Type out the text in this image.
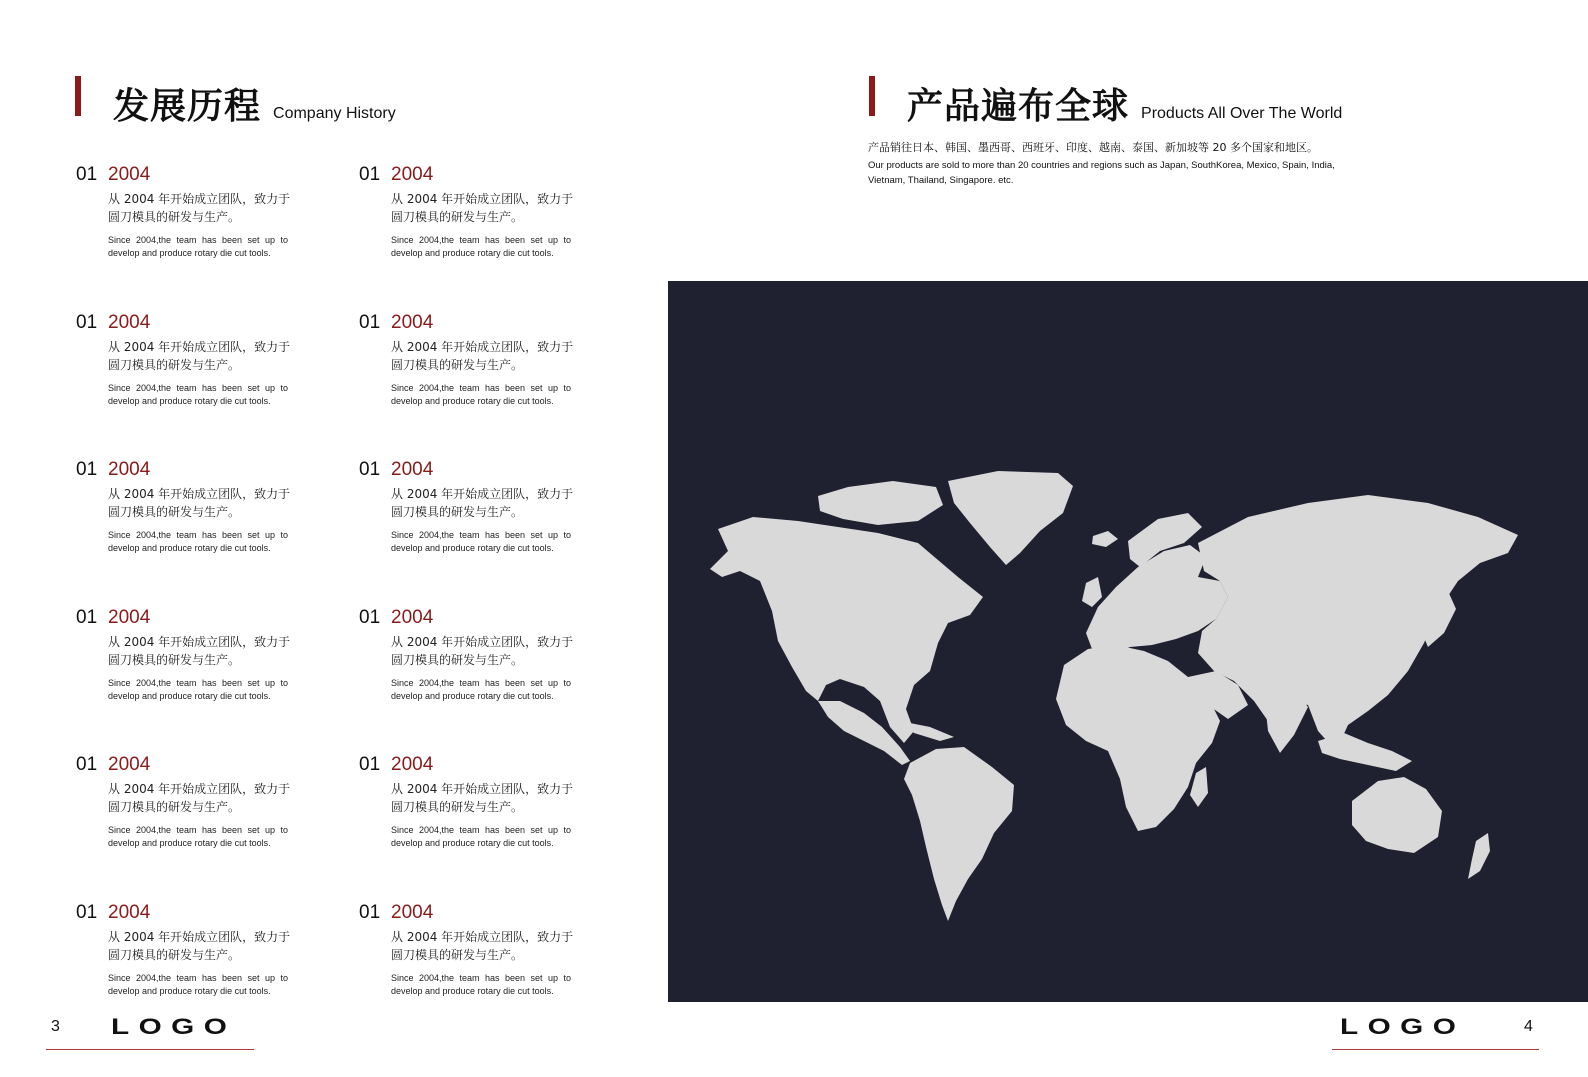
发展历程 Company History
01 2004
从 2004 年开始成立团队，致力于圆刀模具的研发与生产。
Since 2004,the team has been set up to develop and produce rotary die cut tools.
01 2004
从 2004 年开始成立团队，致力于圆刀模具的研发与生产。
Since 2004,the team has been set up to develop and produce rotary die cut tools.
01 2004
从 2004 年开始成立团队，致力于圆刀模具的研发与生产。
Since 2004,the team has been set up to develop and produce rotary die cut tools.
01 2004
从 2004 年开始成立团队，致力于圆刀模具的研发与生产。
Since 2004,the team has been set up to develop and produce rotary die cut tools.
01 2004
从 2004 年开始成立团队，致力于圆刀模具的研发与生产。
Since 2004,the team has been set up to develop and produce rotary die cut tools.
01 2004
从 2004 年开始成立团队，致力于圆刀模具的研发与生产。
Since 2004,the team has been set up to develop and produce rotary die cut tools.
01 2004
从 2004 年开始成立团队，致力于圆刀模具的研发与生产。
Since 2004,the team has been set up to develop and produce rotary die cut tools.
01 2004
从 2004 年开始成立团队，致力于圆刀模具的研发与生产。
Since 2004,the team has been set up to develop and produce rotary die cut tools.
01 2004
从 2004 年开始成立团队，致力于圆刀模具的研发与生产。
Since 2004,the team has been set up to develop and produce rotary die cut tools.
01 2004
从 2004 年开始成立团队，致力于圆刀模具的研发与生产。
Since 2004,the team has been set up to develop and produce rotary die cut tools.
01 2004
从 2004 年开始成立团队，致力于圆刀模具的研发与生产。
Since 2004,the team has been set up to develop and produce rotary die cut tools.
01 2004
从 2004 年开始成立团队，致力于圆刀模具的研发与生产。
Since 2004,the team has been set up to develop and produce rotary die cut tools.
产品遍布全球 Products All Over The World
产品销往日本、韩国、墨西哥、西班牙、印度、越南、泰国、新加坡等 20 多个国家和地区。
Our products are sold to more than 20 countries and regions such as Japan, SouthKorea, Mexico, Spain, India, Vietnam, Thailand, Singapore. etc.
3 LOGO	LOGO	4
